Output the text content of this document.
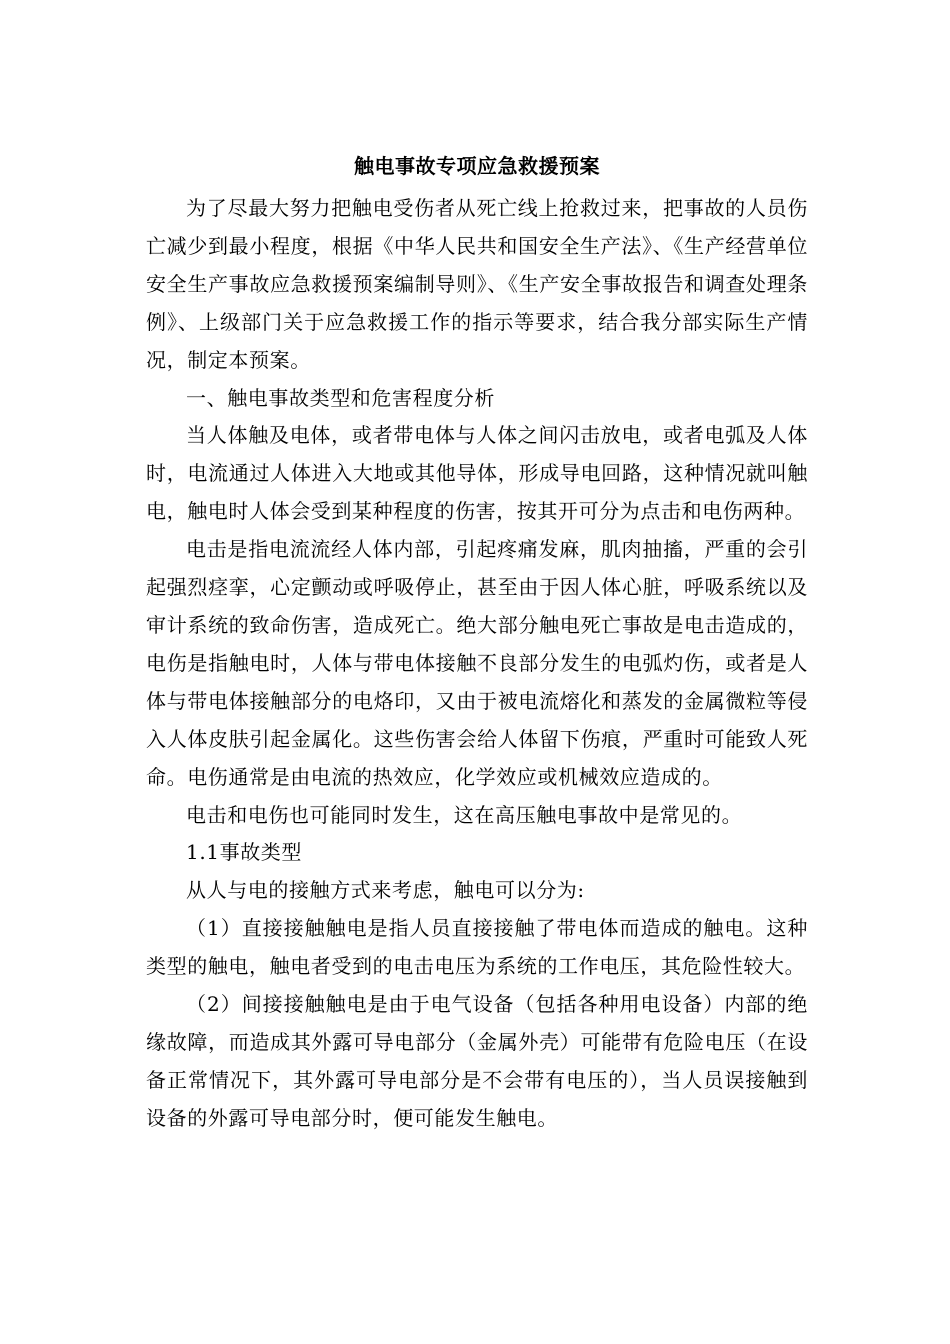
触电事故专项应急救援预案

为了尽最大努力把触电受伤者从死亡线上抢救过来，把事故的人员伤亡减少到最小程度，根据《中华人民共和国安全生产法》、《生产经营单位安全生产事故应急救援预案编制导则》、《生产安全事故报告和调查处理条例》、上级部门关于应急救援工作的指示等要求，结合我分部实际生产情况，制定本预案。

一、触电事故类型和危害程度分析

当人体触及电体，或者带电体与人体之间闪击放电，或者电弧及人体时，电流通过人体进入大地或其他导体，形成导电回路，这种情况就叫触电，触电时人体会受到某种程度的伤害，按其开可分为点击和电伤两种。

电击是指电流流经人体内部，引起疼痛发麻，肌肉抽搐，严重的会引起强烈痉挛，心定颤动或呼吸停止，甚至由于因人体心脏，呼吸系统以及审计系统的致命伤害，造成死亡。绝大部分触电死亡事故是电击造成的，电伤是指触电时，人体与带电体接触不良部分发生的电弧灼伤，或者是人体与带电体接触部分的电烙印，又由于被电流熔化和蒸发的金属微粒等侵入人体皮肤引起金属化。这些伤害会给人体留下伤痕，严重时可能致人死命。电伤通常是由电流的热效应，化学效应或机械效应造成的。

电击和电伤也可能同时发生，这在高压触电事故中是常见的。

1.1事故类型

从人与电的接触方式来考虑，触电可以分为:

（1）直接接触触电是指人员直接接触了带电体而造成的触电。这种类型的触电，触电者受到的电击电压为系统的工作电压，其危险性较大。

（2）间接接触触电是由于电气设备（包括各种用电设备）内部的绝缘故障，而造成其外露可导电部分（金属外壳）可能带有危险电压（在设备正常情况下，其外露可导电部分是不会带有电压的），当人员误接触到设备的外露可导电部分时，便可能发生触电。
